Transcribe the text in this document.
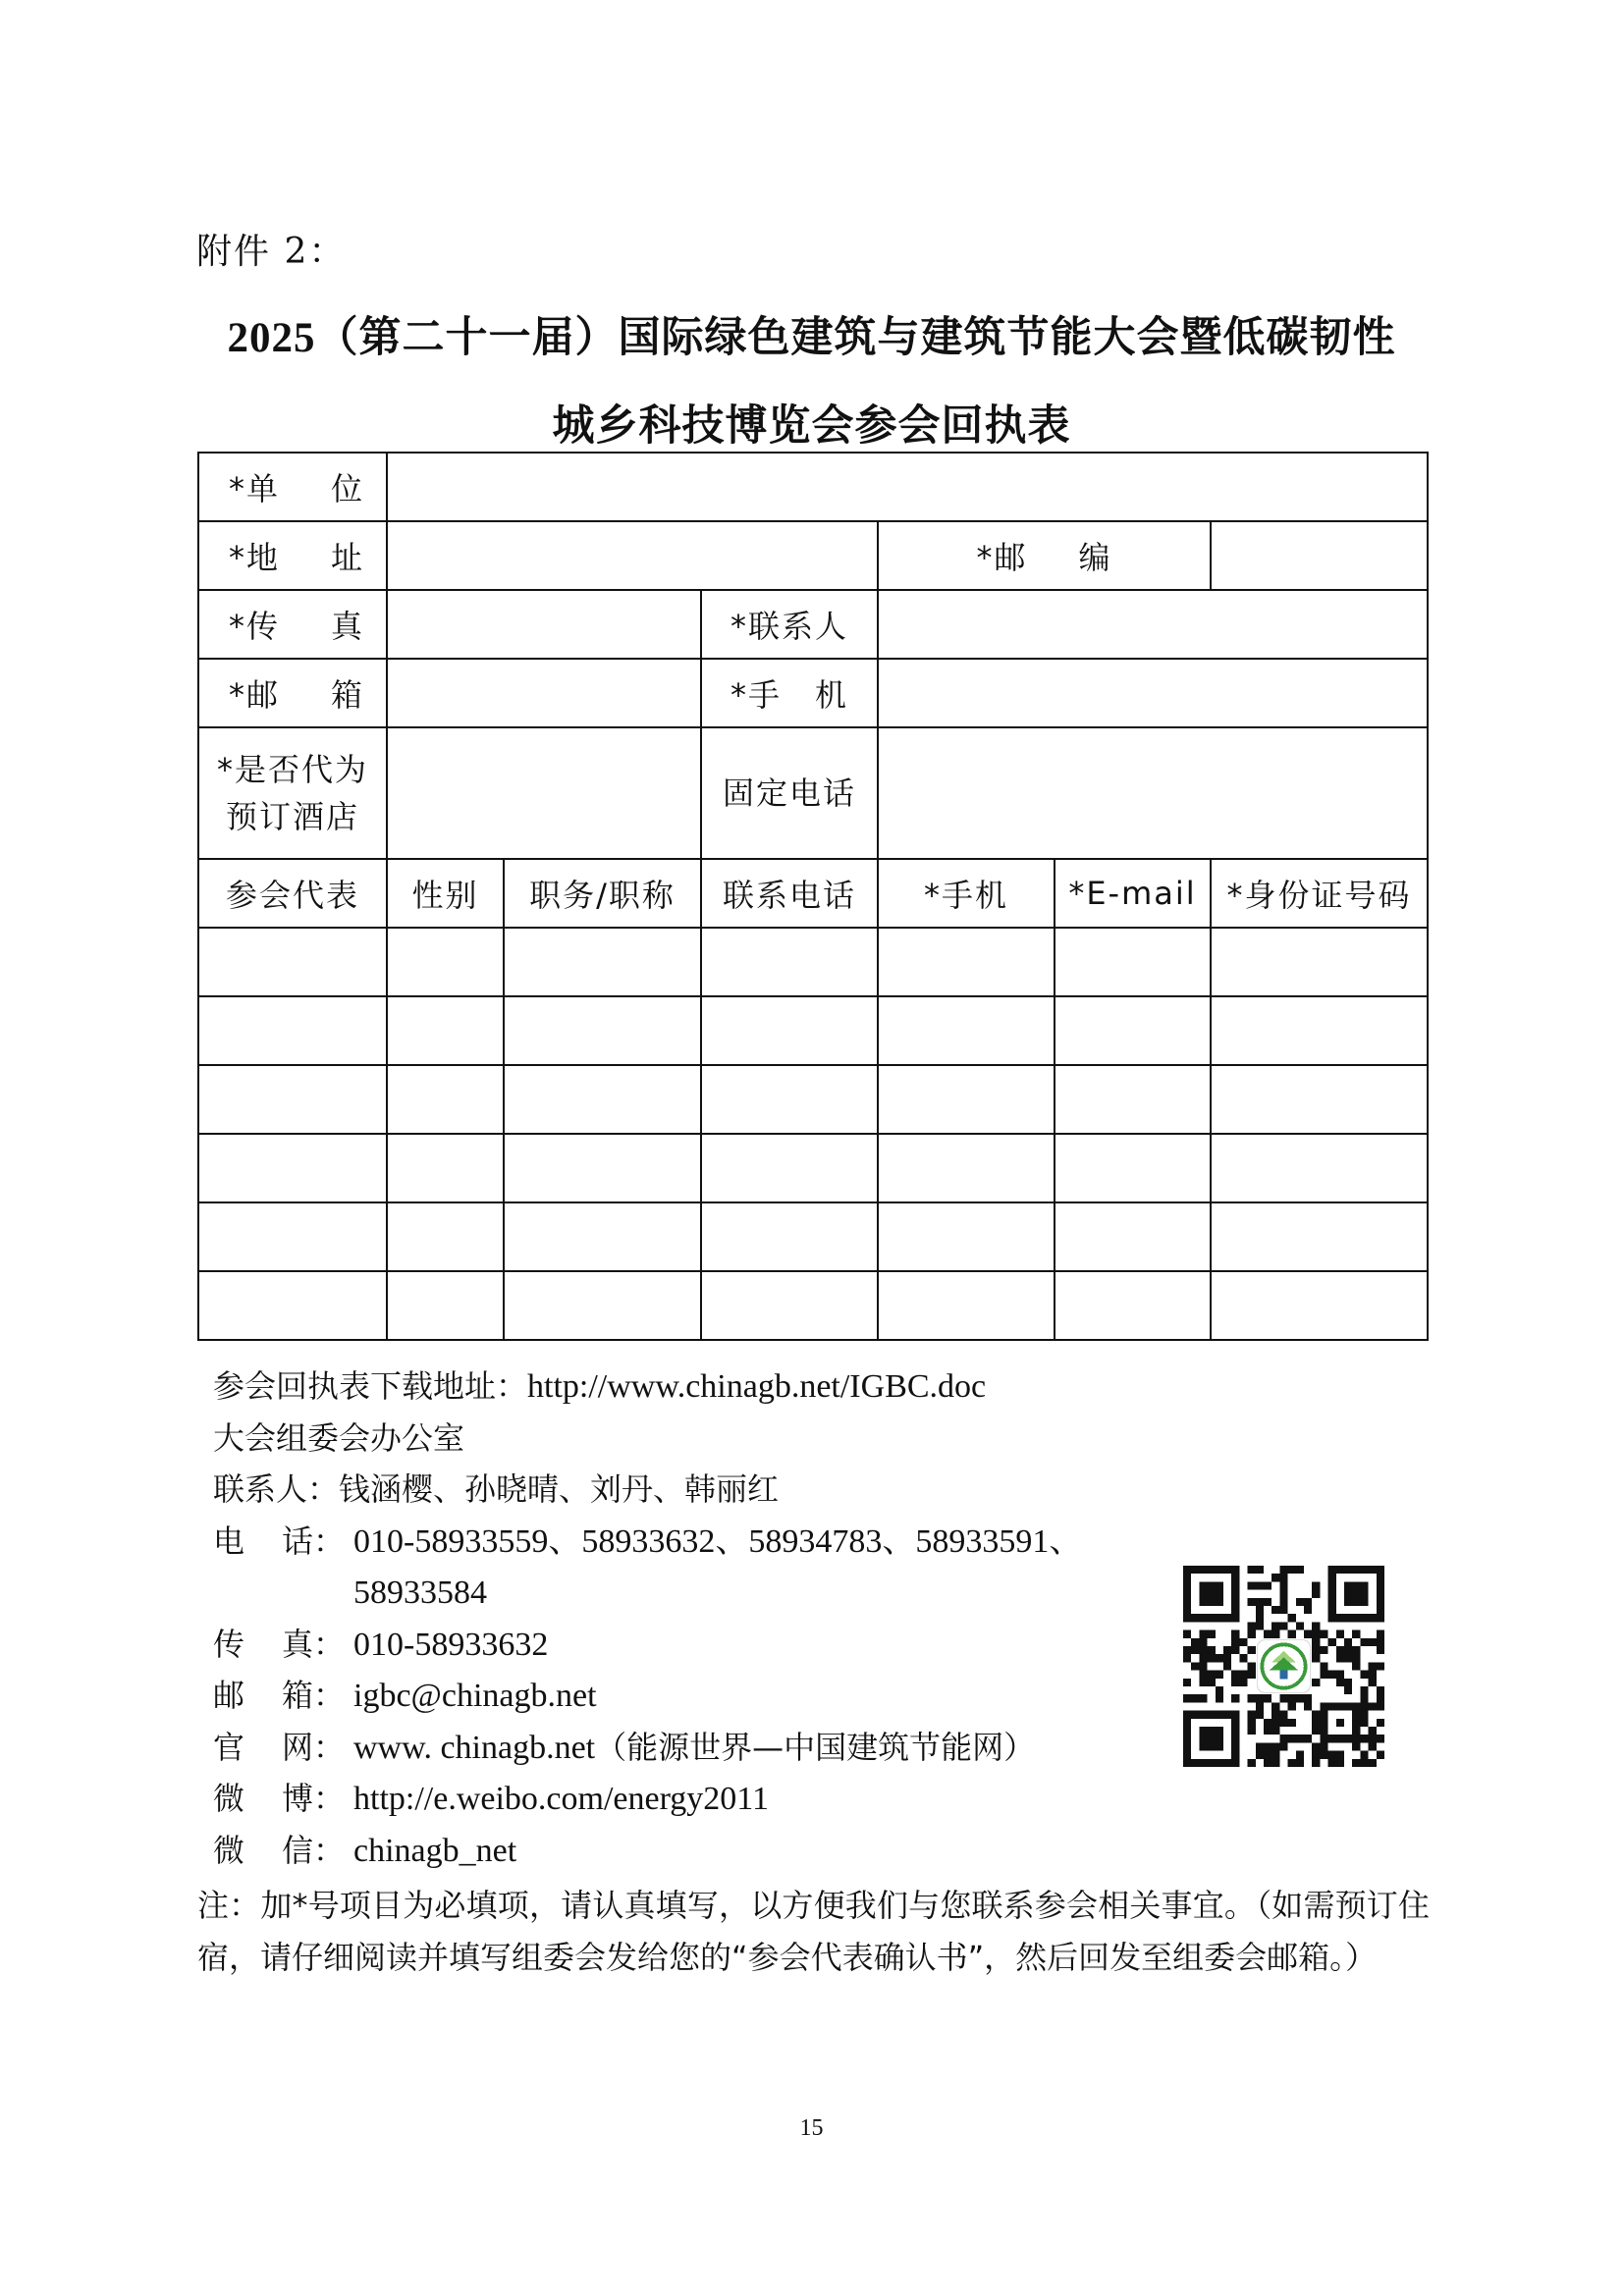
附件 2：
2025（第二十一届）国际绿色建筑与建筑节能大会暨低碳韧性
城乡科技博览会参会回执表
*单 位						
*地 址				*邮 编		
*传 真			*联系人			
*邮 箱			*手 机			

*是否代为
预订酒店			固定电话			
参会代表	性别	职务/职称	联系电话	*手机	*E-mail	*身份证号码

参会回执表下载地址：http://www.chinagb.net/IGBC.doc
大会组委会办公室
联系人：钱涵樱、孙晓晴、刘丹、韩丽红
电 话： 010-58933559、58933632、58934783、58933591、
58933584
传 真： 010-58933632
邮 箱： igbc@chinagb.net
官 网： www. chinagb.net（能源世界—中国建筑节能网）
微 博： http://e.weibo.com/energy2011
微 信： chinagb_net
注：加*号项目为必填项，请认真填写，以方便我们与您联系参会相关事宜。（如需预订住宿，请仔细阅读并填写组委会发给您的“参会代表确认书”，然后回发至组委会邮箱。）
15
